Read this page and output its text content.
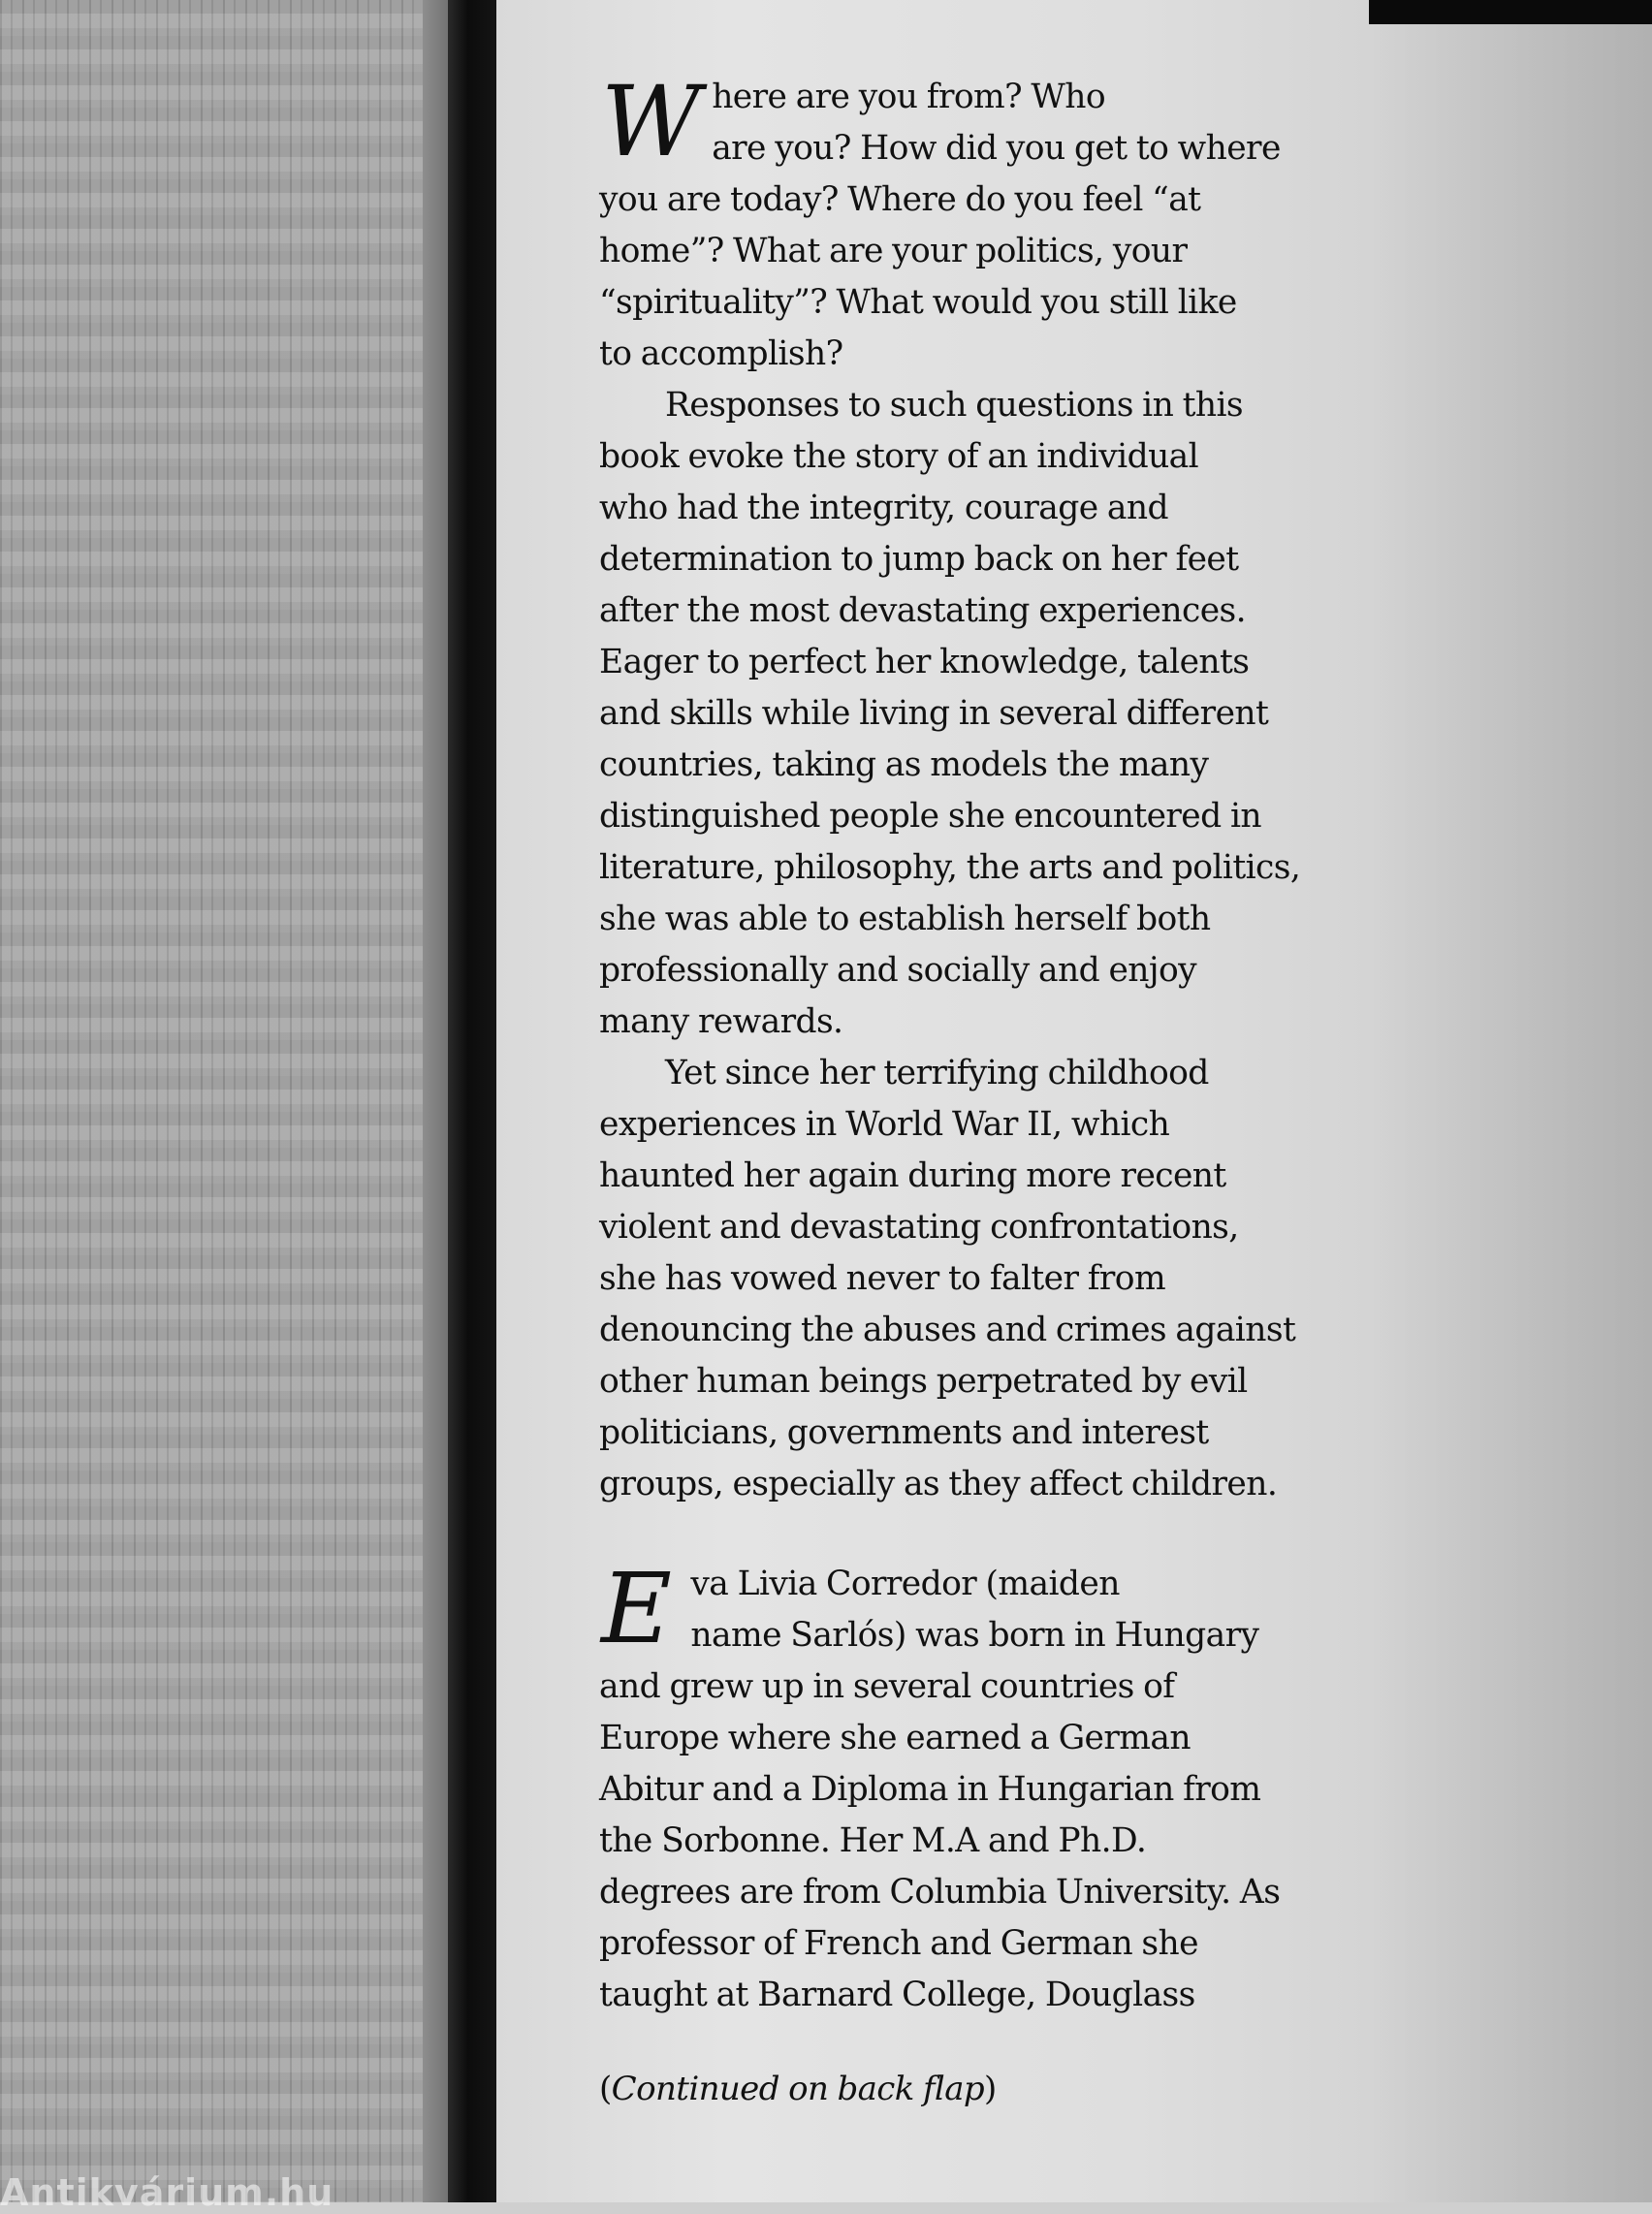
W here are you from? Who
are you? How did you get to where
you are today? Where do you feel “at
home”? What are your politics, your
“spirituality”? What would you still like
to accomplish?
Responses to such questions in this
book evoke the story of an individual
who had the integrity, courage and
determination to jump back on her feet
after the most devastating experiences.
Eager to perfect her knowledge, talents
and skills while living in several different
countries, taking as models the many
distinguished people she encountered in
literature, philosophy, the arts and politics,
she was able to establish herself both
professionally and socially and enjoy
many rewards.
Yet since her terrifying childhood
experiences in World War II, which
haunted her again during more recent
violent and devastating confrontations,
she has vowed never to falter from
denouncing the abuses and crimes against
other human beings perpetrated by evil
politicians, governments and interest
groups, especially as they affect children.
E va Livia Corredor (maiden
name Sarlós) was born in Hungary
and grew up in several countries of
Europe where she earned a German
Abitur and a Diploma in Hungarian from
the Sorbonne. Her M.A and Ph.D.
degrees are from Columbia University. As
professor of French and German she
taught at Barnard College, Douglass
(Continued on back flap)
Antikvárium.hu
